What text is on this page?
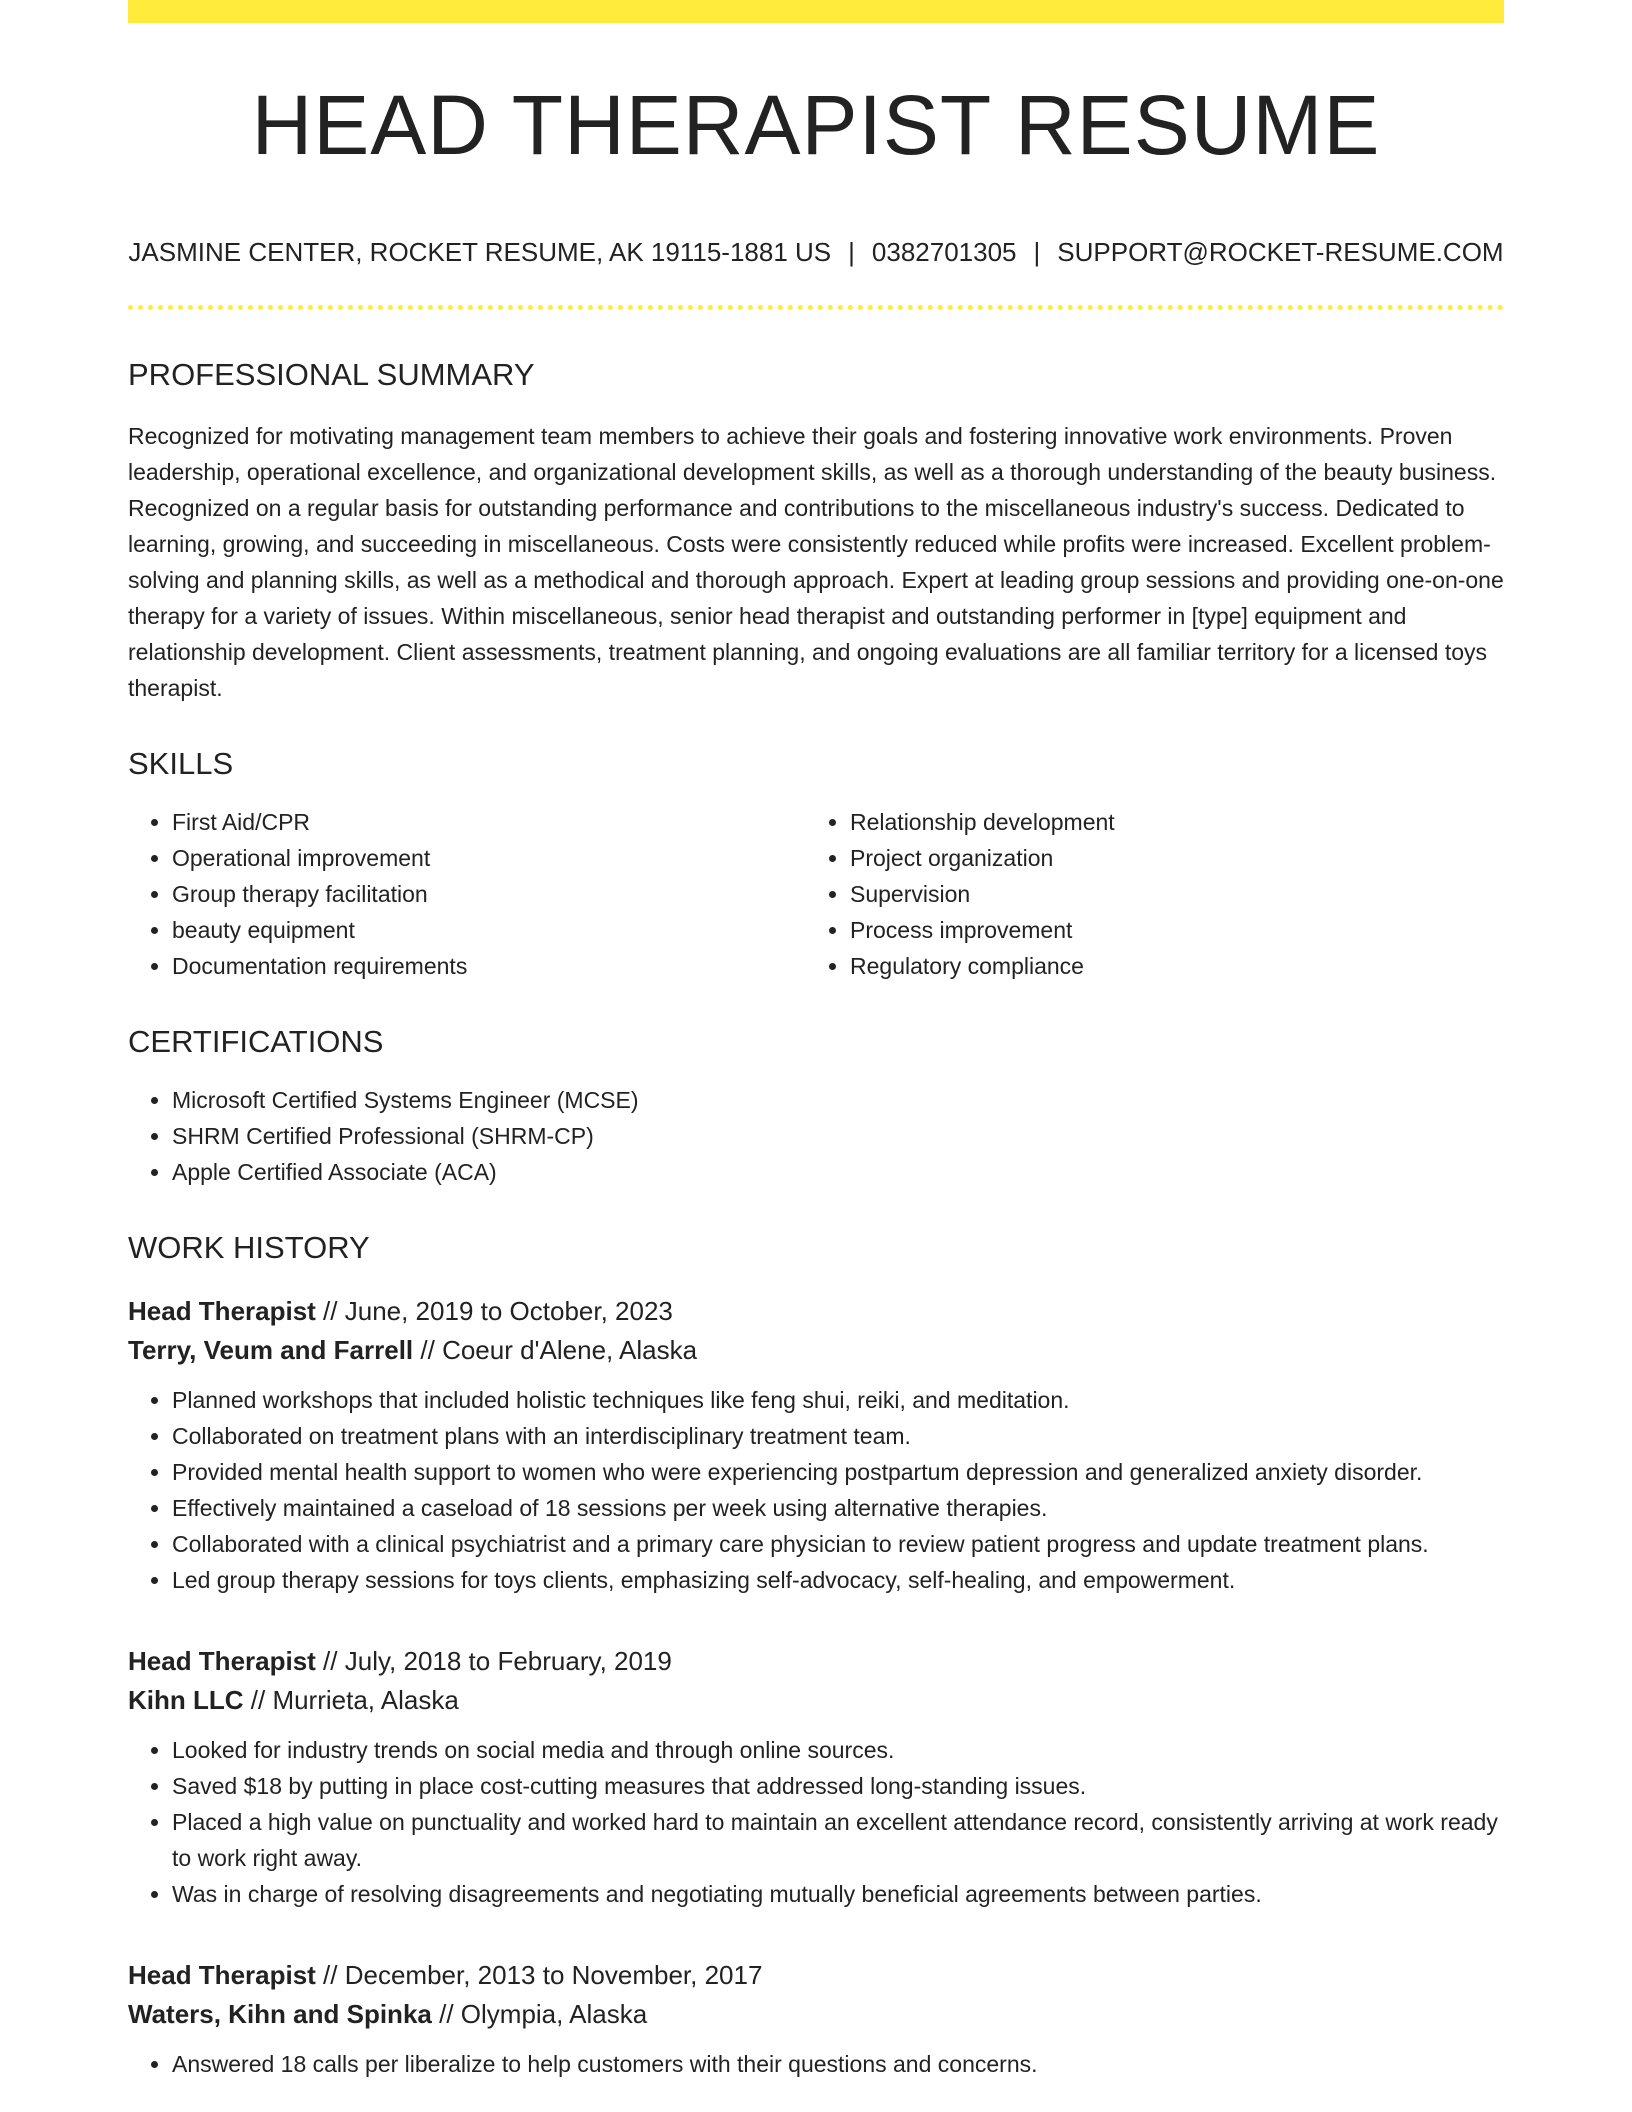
HEAD THERAPIST RESUME
JASMINE CENTER, ROCKET RESUME, AK 19115-1881 US | 0382701305 | SUPPORT@ROCKET-RESUME.COM
PROFESSIONAL SUMMARY
Recognized for motivating management team members to achieve their goals and fostering innovative work environments. Proven leadership, operational excellence, and organizational development skills, as well as a thorough understanding of the beauty business. Recognized on a regular basis for outstanding performance and contributions to the miscellaneous industry's success. Dedicated to learning, growing, and succeeding in miscellaneous. Costs were consistently reduced while profits were increased. Excellent problem-solving and planning skills, as well as a methodical and thorough approach. Expert at leading group sessions and providing one-on-one therapy for a variety of issues. Within miscellaneous, senior head therapist and outstanding performer in [type] equipment and relationship development. Client assessments, treatment planning, and ongoing evaluations are all familiar territory for a licensed toys therapist.
SKILLS
• First Aid/CPR
• Operational improvement
• Group therapy facilitation
• beauty equipment
• Documentation requirements
• Relationship development
• Project organization
• Supervision
• Process improvement
• Regulatory compliance
CERTIFICATIONS
• Microsoft Certified Systems Engineer (MCSE)
• SHRM Certified Professional (SHRM-CP)
• Apple Certified Associate (ACA)
WORK HISTORY
Head Therapist // June, 2019 to October, 2023
Terry, Veum and Farrell // Coeur d'Alene, Alaska
• Planned workshops that included holistic techniques like feng shui, reiki, and meditation.
• Collaborated on treatment plans with an interdisciplinary treatment team.
• Provided mental health support to women who were experiencing postpartum depression and generalized anxiety disorder.
• Effectively maintained a caseload of 18 sessions per week using alternative therapies.
• Collaborated with a clinical psychiatrist and a primary care physician to review patient progress and update treatment plans.
• Led group therapy sessions for toys clients, emphasizing self-advocacy, self-healing, and empowerment.
Head Therapist // July, 2018 to February, 2019
Kihn LLC // Murrieta, Alaska
• Looked for industry trends on social media and through online sources.
• Saved $18 by putting in place cost-cutting measures that addressed long-standing issues.
• Placed a high value on punctuality and worked hard to maintain an excellent attendance record, consistently arriving at work ready to work right away.
• Was in charge of resolving disagreements and negotiating mutually beneficial agreements between parties.
Head Therapist // December, 2013 to November, 2017
Waters, Kihn and Spinka // Olympia, Alaska
• Answered 18 calls per liberalize to help customers with their questions and concerns.
